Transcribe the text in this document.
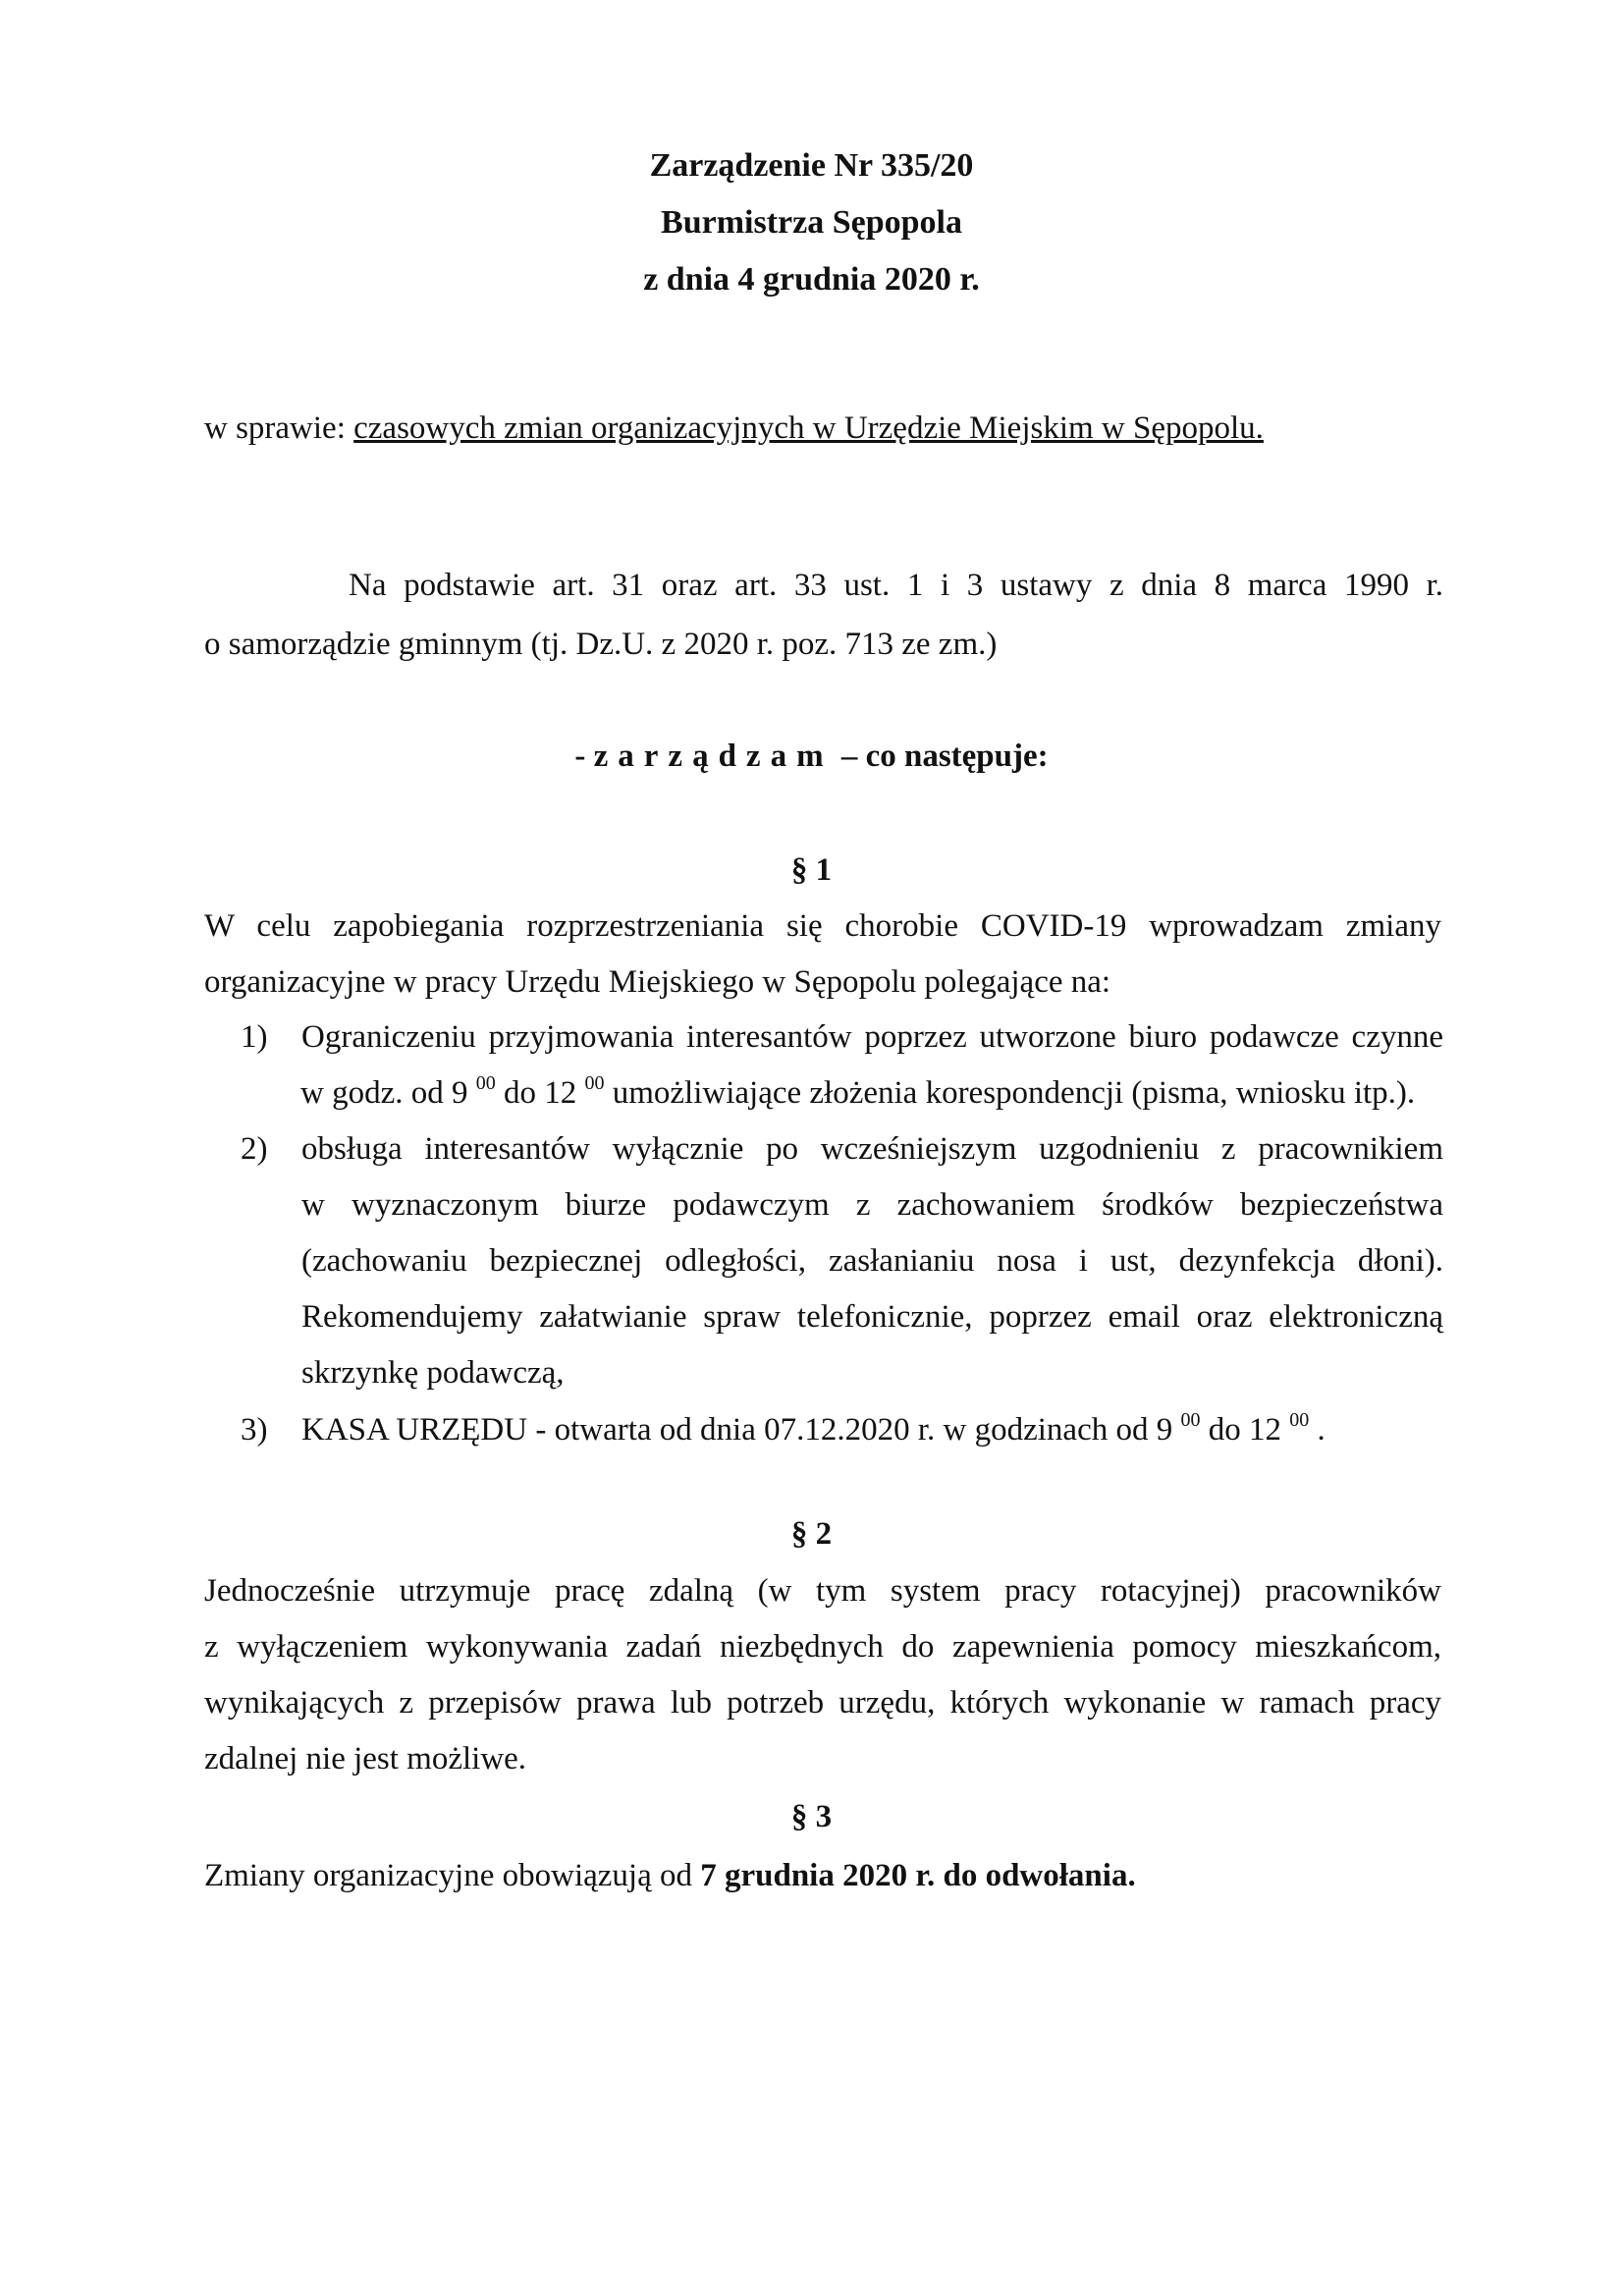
Zarządzenie Nr 335/20
Burmistrza Sępopola
z dnia 4 grudnia 2020 r.
w sprawie: czasowych zmian organizacyjnych w Urzędzie Miejskim w Sępopolu.
Na podstawie art. 31 oraz art. 33 ust. 1 i 3 ustawy z dnia 8 marca 1990 r.
o samorządzie gminnym (tj. Dz.U. z 2020 r. poz. 713 ze zm.)
- zarządzam – co następuje:
§ 1
W celu zapobiegania rozprzestrzeniania się chorobie COVID-19 wprowadzam zmiany
organizacyjne w pracy Urzędu Miejskiego w Sępopolu polegające na:
1) Ograniczeniu przyjmowania interesantów poprzez utworzone biuro podawcze czynne
w godz. od 9 $^{00}$ do 12 $^{00}$ umożliwiające złożenia korespondencji (pisma, wniosku itp.).
2) obsługa interesantów wyłącznie po wcześniejszym uzgodnieniu z pracownikiem
w wyznaczonym biurze podawczym z zachowaniem środków bezpieczeństwa
(zachowaniu bezpiecznej odległości, zasłanianiu nosa i ust, dezynfekcja dłoni).
Rekomendujemy załatwianie spraw telefonicznie, poprzez email oraz elektroniczną
skrzynkę podawczą,
3) KASA URZĘDU - otwarta od dnia 07.12.2020 r. w godzinach od 9 $^{00}$ do 12 $^{00}$ .
§ 2
Jednocześnie utrzymuje pracę zdalną (w tym system pracy rotacyjnej) pracowników
z wyłączeniem wykonywania zadań niezbędnych do zapewnienia pomocy mieszkańcom,
wynikających z przepisów prawa lub potrzeb urzędu, których wykonanie w ramach pracy
zdalnej nie jest możliwe.
§ 3
Zmiany organizacyjne obowiązują od 7 grudnia 2020 r. do odwołania.
